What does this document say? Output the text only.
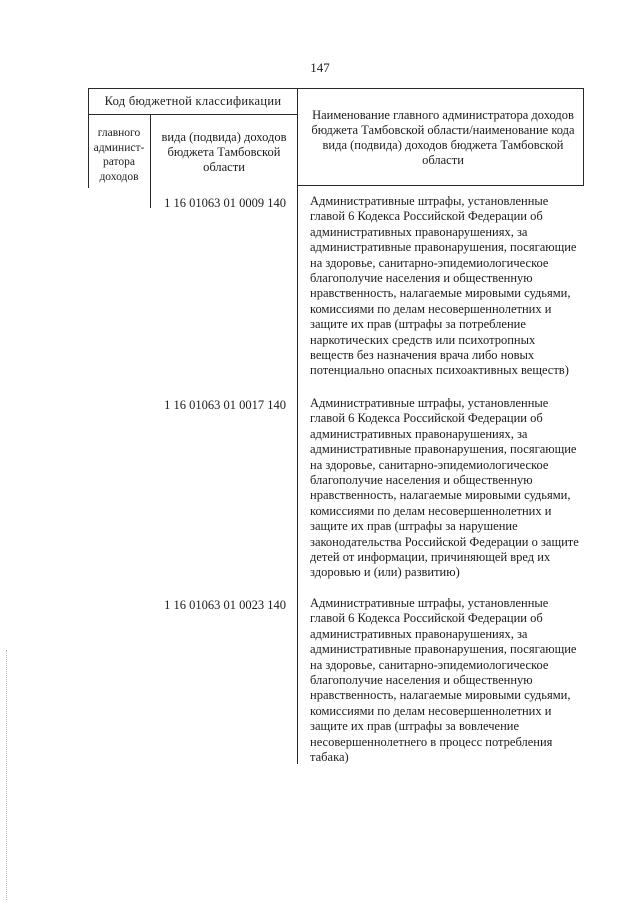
147
Код бюджетной классификации
главного админист-ратора доходов
вида (подвида) доходов бюджета Тамбовской области
Наименование главного администратора доходов бюджета Тамбовской области/наименование кода вида (подвида) доходов бюджета Тамбовской области
1 16 01063 01 0009 140	Административные штрафы, установленные главой 6 Кодекса Российской Федерации об административных правонарушениях, за административные правонарушения, посягающие на здоровье, санитарно-эпидемиологическое благополучие населения и общественную нравственность, налагаемые мировыми судьями, комиссиями по делам несовершеннолетних и защите их прав (штрафы за потребление наркотических средств или психотропных веществ без назначения врача либо новых потенциально опасных психоактивных веществ)
1 16 01063 01 0017 140	Административные штрафы, установленные главой 6 Кодекса Российской Федерации об административных правонарушениях, за административные правонарушения, посягающие на здоровье, санитарно-эпидемиологическое благополучие населения и общественную нравственность, налагаемые мировыми судьями, комиссиями по делам несовершеннолетних и защите их прав (штрафы за нарушение законодательства Российской Федерации о защите детей от информации, причиняющей вред их здоровью и (или) развитию)
1 16 01063 01 0023 140	Административные штрафы, установленные главой 6 Кодекса Российской Федерации об административных правонарушениях, за административные правонарушения, посягающие на здоровье, санитарно-эпидемиологическое благополучие населения и общественную нравственность, налагаемые мировыми судьями, комиссиями по делам несовершеннолетних и защите их прав (штрафы за вовлечение несовершеннолетнего в процесс потребления табака)
